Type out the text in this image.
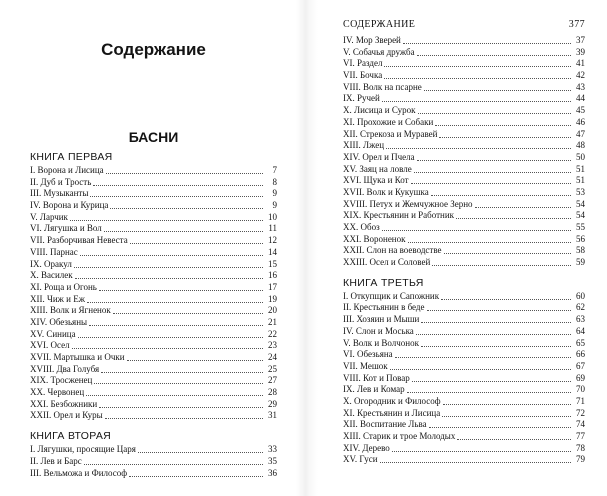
Содержание
БАСНИ
КНИГА ПЕРВАЯ
I. Ворона и Лисица	7
II. Дуб и Трость	8
III. Музыканты	9
IV. Ворона и Курица	9
V. Ларчик	10
VI. Лягушка и Вол	11
VII. Разборчивая Невеста	12
VIII. Парнас	14
IX. Оракул	15
X. Василек	16
XI. Роща и Огонь	17
XII. Чиж и Еж	19
XIII. Волк и Ягненок	20
XIV. Обезьяны	21
XV. Синица	22
XVI. Осел	23
XVII. Мартышка и Очки	24
XVIII. Два Голубя	25
XIX. Трoсженец	27
XX. Червонец	28
XXI. Безбожники	29
XXII. Орел и Куры	31
КНИГА ВТОРАЯ
I. Лягушки, просящие Царя	33
II. Лев и Барс	35
III. Вельможа и Философ	36
СОДЕРЖАНИЕ	377
IV. Мор Зверей	37
V. Собачья дружба	39
VI. Раздел	41
VII. Бочка	42
VIII. Волк на псарне	43
IX. Ручей	44
X. Лисица и Сурок	45
XI. Прохожие и Собаки	46
XII. Стрекоза и Муравей	47
XIII. Лжец	48
XIV. Орел и Пчела	50
XV. Заяц на ловле	51
XVI. Щука и Кот	51
XVII. Волк и Кукушка	53
XVIII. Петух и Жемчужное Зерно	54
XIX. Крестьянин и Работник	54
XX. Обоз	55
XXI. Вороненок	56
XXII. Слон на воеводстве	58
XXIII. Осел и Соловей	59
КНИГА ТРЕТЬЯ
I. Откупщик и Сапожник	60
II. Крестьянин в беде	62
III. Хозяин и Мыши	63
IV. Слон и Моська	64
V. Волк и Волчонок	65
VI. Обезьяна	66
VII. Мешок	67
VIII. Кот и Повар	69
IX. Лев и Комар	70
X. Огородник и Философ	71
XI. Крестьянин и Лисица	72
XII. Воспитание Льва	74
XIII. Старик и трое Молодых	77
XIV. Дерево	78
XV. Гуси	79
